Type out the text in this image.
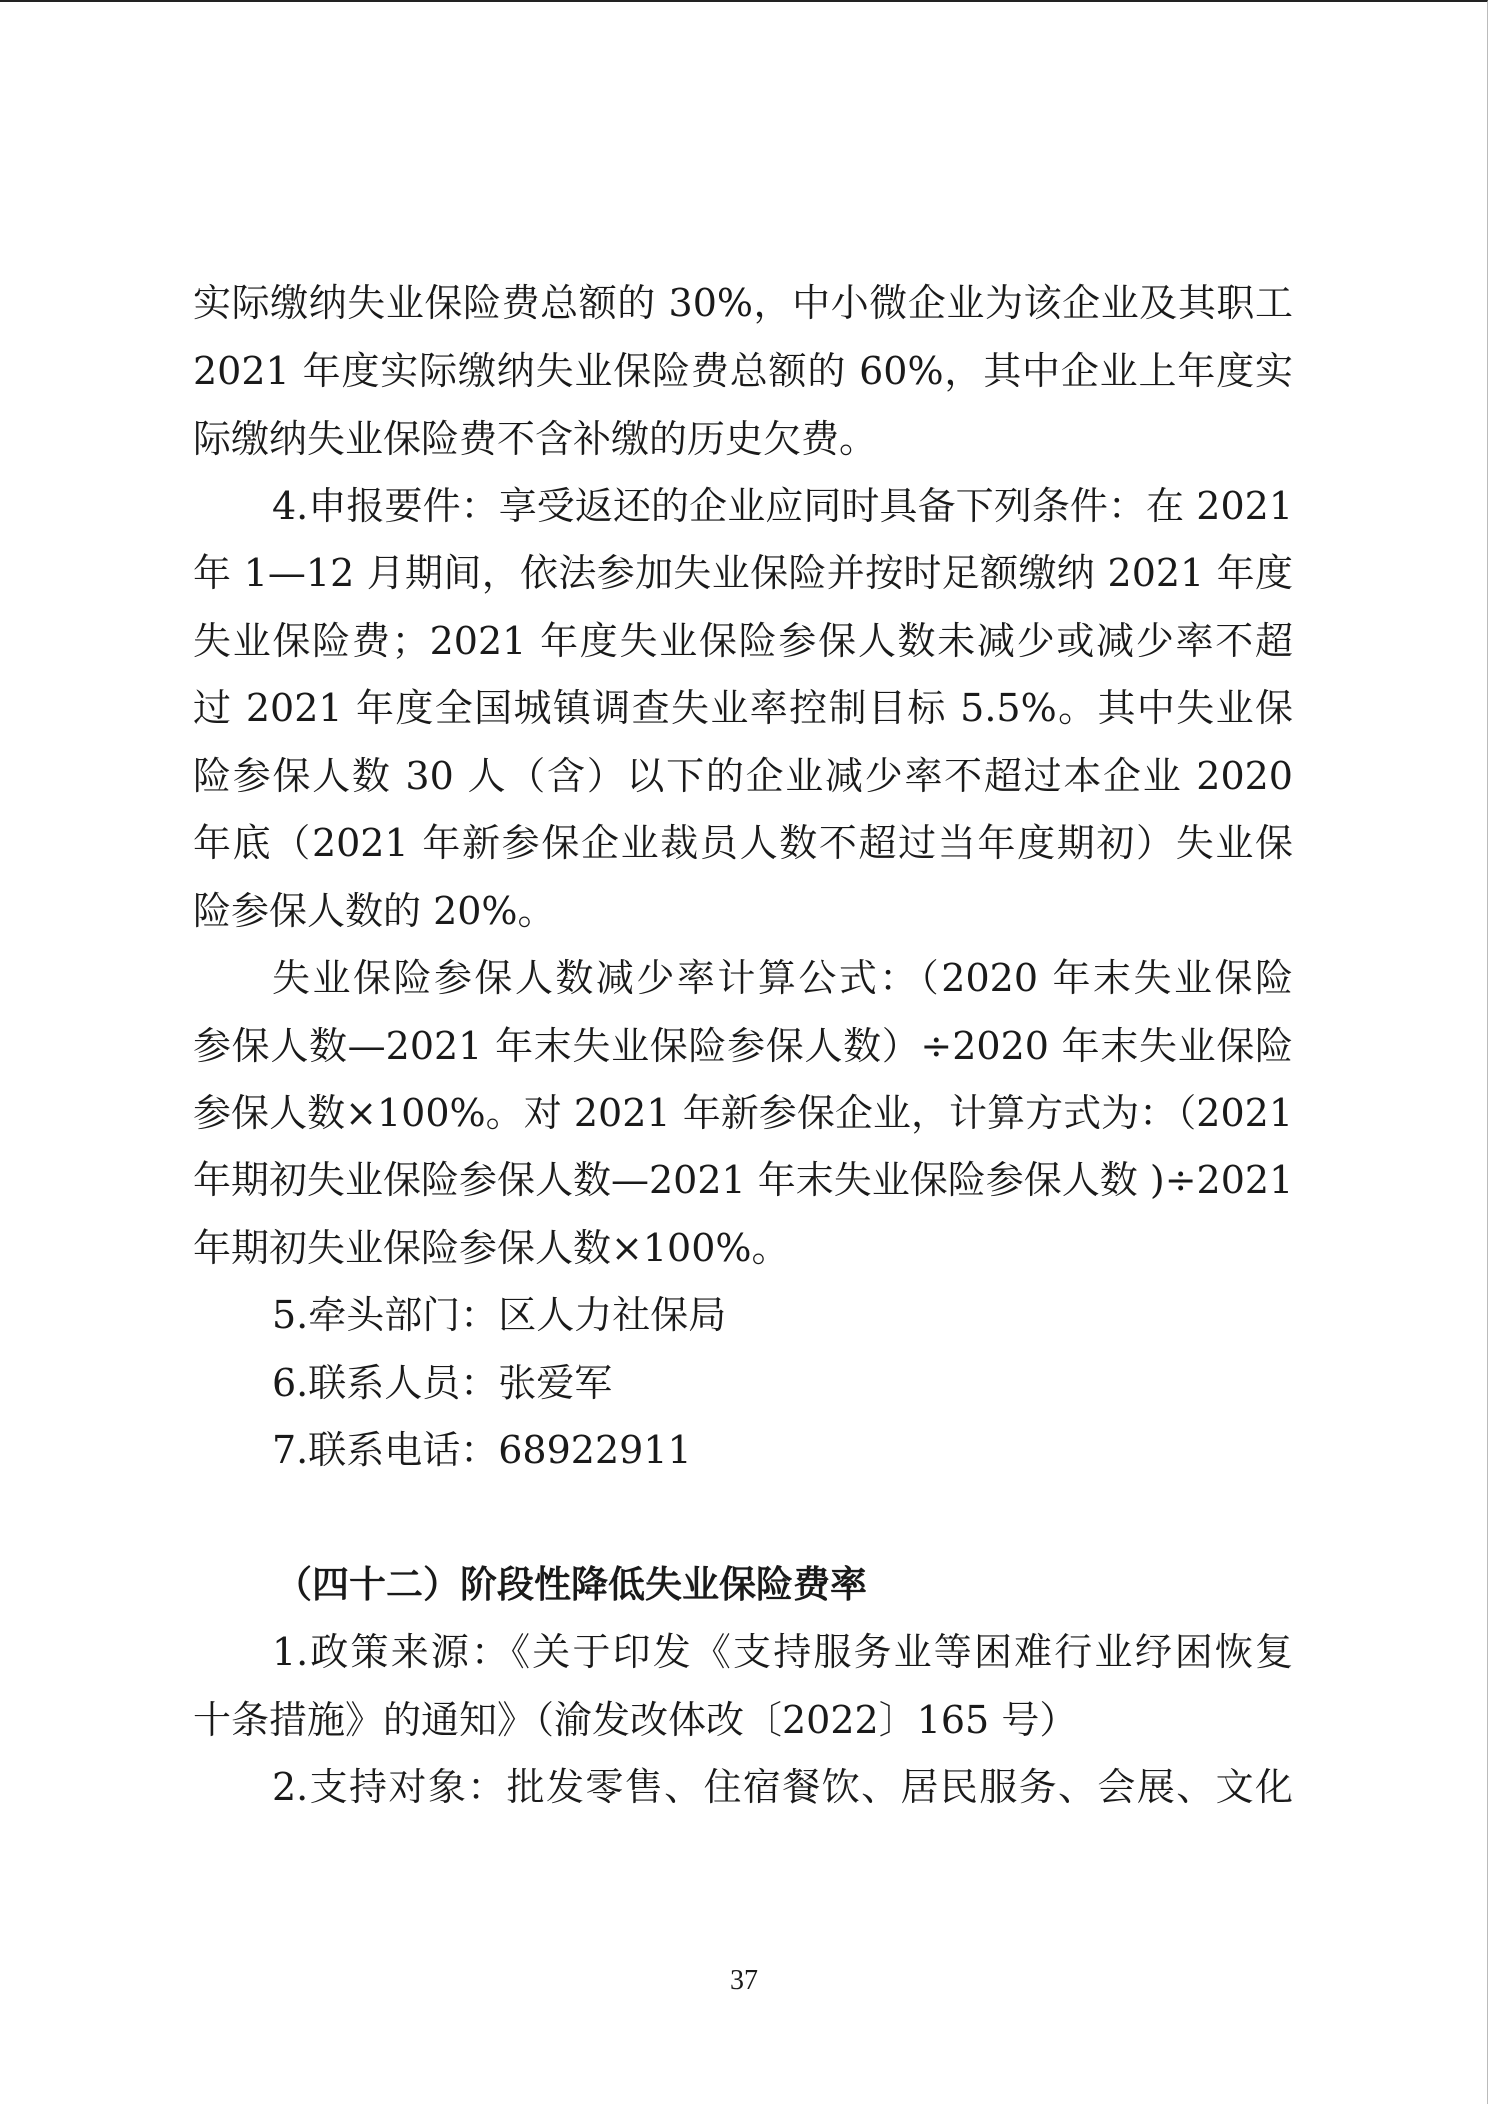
实际缴纳失业保险费总额的 30%，中小微企业为该企业及其职工
2021 年度实际缴纳失业保险费总额的 60%，其中企业上年度实
际缴纳失业保险费不含补缴的历史欠费。
4.申报要件：享受返还的企业应同时具备下列条件：在 2021
年 1—12 月期间，依法参加失业保险并按时足额缴纳 2021 年度
失业保险费；2021 年度失业保险参保人数未减少或减少率不超
过 2021 年度全国城镇调查失业率控制目标 5.5%。其中失业保
险参保人数 30 人（含）以下的企业减少率不超过本企业 2020
年底（2021 年新参保企业裁员人数不超过当年度期初）失业保
险参保人数的 20%。
失业保险参保人数减少率计算公式：（2020 年末失业保险
参保人数—2021 年末失业保险参保人数）÷2020 年末失业保险
参保人数×100%。对 2021 年新参保企业，计算方式为：（2021
年期初失业保险参保人数—2021 年末失业保险参保人数 )÷2021
年期初失业保险参保人数×100%。
5.牵头部门：区人力社保局
6.联系人员：张爱军
7.联系电话：68922911
（四十二）阶段性降低失业保险费率
1.政策来源：《关于印发《支持服务业等困难行业纾困恢复
十条措施》的通知》（渝发改体改〔2022〕165 号）
2.支持对象：批发零售、住宿餐饮、居民服务、会展、文化
37
